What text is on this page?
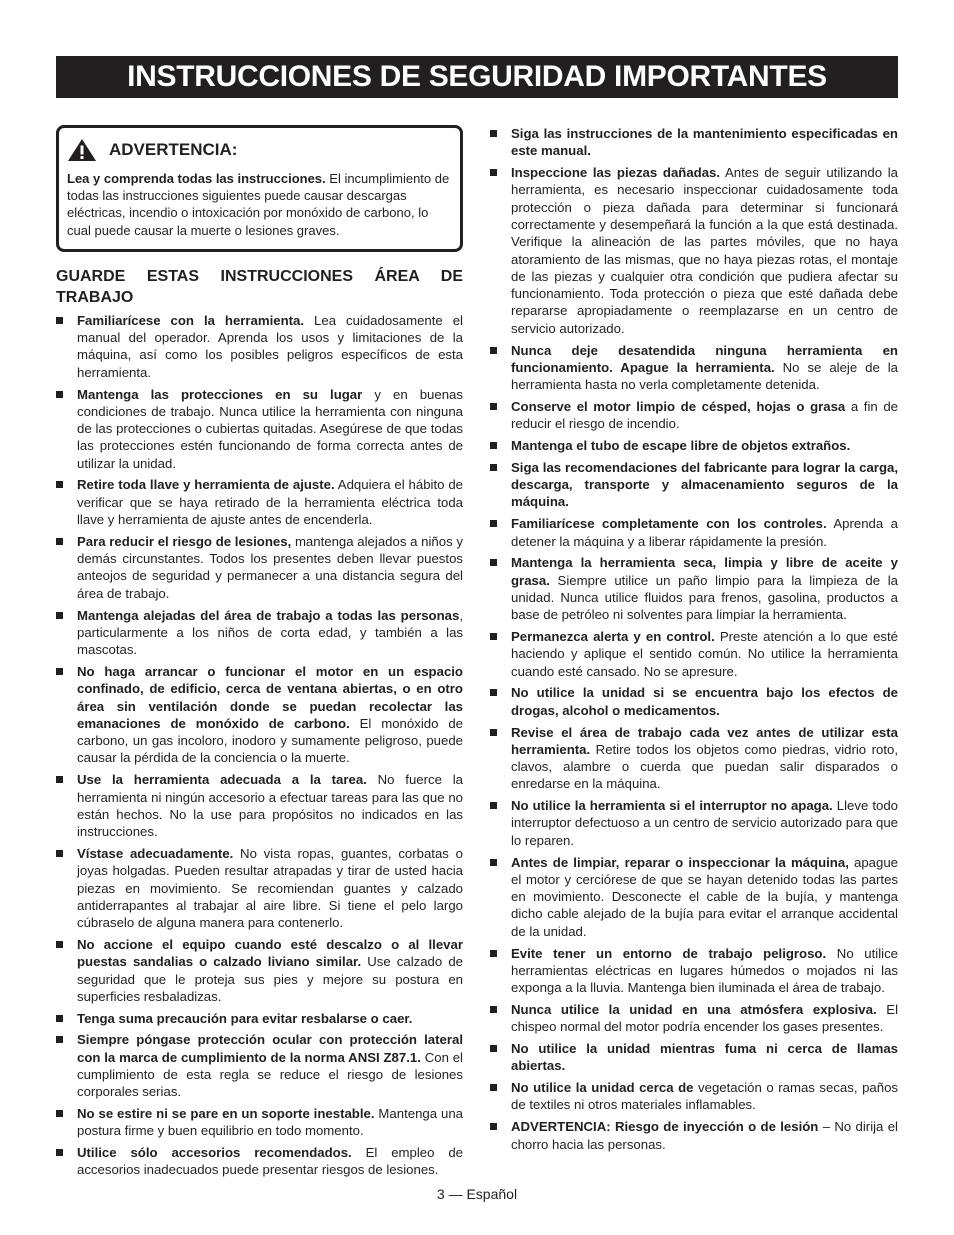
INSTRUCCIONES DE SEGURIDAD IMPORTANTES
ADVERTENCIA:
Lea y comprenda todas las instrucciones. El incumplimiento de todas las instrucciones siguientes puede causar descargas eléctricas, incendio o intoxicación por monóxido de carbono, lo cual puede causar la muerte o lesiones graves.
GUARDE ESTAS INSTRUCCIONES ÁREA DE TRABAJO
Familiarícese con la herramienta. Lea cuidadosamente el manual del operador. Aprenda los usos y limitaciones de la máquina, así como los posibles peligros específicos de esta herramienta.
Mantenga las protecciones en su lugar y en buenas condiciones de trabajo. Nunca utilice la herramienta con ninguna de las protecciones o cubiertas quitadas. Asegúrese de que todas las protecciones estén funcionando de forma correcta antes de utilizar la unidad.
Retire toda llave y herramienta de ajuste. Adquiera el hábito de verificar que se haya retirado de la herramienta eléctrica toda llave y herramienta de ajuste antes de encenderla.
Para reducir el riesgo de lesiones, mantenga alejados a niños y demás circunstantes. Todos los presentes deben llevar puestos anteojos de seguridad y permanecer a una distancia segura del área de trabajo.
Mantenga alejadas del área de trabajo a todas las personas, particularmente a los niños de corta edad, y también a las mascotas.
No haga arrancar o funcionar el motor en un espacio confinado, de edificio, cerca de ventana abiertas, o en otro área sin ventilación donde se puedan recolectar las emanaciones de monóxido de carbono. El monóxido de carbono, un gas incoloro, inodoro y sumamente peligroso, puede causar la pérdida de la conciencia o la muerte.
Use la herramienta adecuada a la tarea. No fuerce la herramienta ni ningún accesorio a efectuar tareas para las que no están hechos. No la use para propósitos no indicados en las instrucciones.
Vístase adecuadamente. No vista ropas, guantes, corbatas o joyas holgadas. Pueden resultar atrapadas y tirar de usted hacia piezas en movimiento. Se recomiendan guantes y calzado antiderrapantes al trabajar al aire libre. Si tiene el pelo largo cúbraselo de alguna manera para contenerlo.
No accione el equipo cuando esté descalzo o al llevar puestas sandalias o calzado liviano similar. Use calzado de seguridad que le proteja sus pies y mejore su postura en superficies resbaladizas.
Tenga suma precaución para evitar resbalarse o caer.
Siempre póngase protección ocular con protección lateral con la marca de cumplimiento de la norma ANSI Z87.1. Con el cumplimiento de esta regla se reduce el riesgo de lesiones corporales serias.
No se estire ni se pare en un soporte inestable. Mantenga una postura firme y buen equilibrio en todo momento.
Utilice sólo accesorios recomendados. El empleo de accesorios inadecuados puede presentar riesgos de lesiones.
Siga las instrucciones de la mantenimiento especificadas en este manual.
Inspeccione las piezas dañadas. Antes de seguir utilizando la herramienta, es necesario inspeccionar cuidadosamente toda protección o pieza dañada para determinar si funcionará correctamente y desempeñará la función a la que está destinada. Verifique la alineación de las partes móviles, que no haya atoramiento de las mismas, que no haya piezas rotas, el montaje de las piezas y cualquier otra condición que pudiera afectar su funcionamiento. Toda protección o pieza que esté dañada debe repararse apropiadamente o reemplazarse en un centro de servicio autorizado.
Nunca deje desatendida ninguna herramienta en funcionamiento. Apague la herramienta. No se aleje de la herramienta hasta no verla completamente detenida.
Conserve el motor limpio de césped, hojas o grasa a fin de reducir el riesgo de incendio.
Mantenga el tubo de escape libre de objetos extraños.
Siga las recomendaciones del fabricante para lograr la carga, descarga, transporte y almacenamiento seguros de la máquina.
Familiarícese completamente con los controles. Aprenda a detener la máquina y a liberar rápidamente la presión.
Mantenga la herramienta seca, limpia y libre de aceite y grasa. Siempre utilice un paño limpio para la limpieza de la unidad. Nunca utilice fluidos para frenos, gasolina, productos a base de petróleo ni solventes para limpiar la herramienta.
Permanezca alerta y en control. Preste atención a lo que esté haciendo y aplique el sentido común. No utilice la herramienta cuando esté cansado. No se apresure.
No utilice la unidad si se encuentra bajo los efectos de drogas, alcohol o medicamentos.
Revise el área de trabajo cada vez antes de utilizar esta herramienta. Retire todos los objetos como piedras, vidrio roto, clavos, alambre o cuerda que puedan salir disparados o enredarse en la máquina.
No utilice la herramienta si el interruptor no apaga. Lleve todo interruptor defectuoso a un centro de servicio autorizado para que lo reparen.
Antes de limpiar, reparar o inspeccionar la máquina, apague el motor y cerciórese de que se hayan detenido todas las partes en movimiento. Desconecte el cable de la bujía, y mantenga dicho cable alejado de la bujía para evitar el arranque accidental de la unidad.
Evite tener un entorno de trabajo peligroso. No utilice herramientas eléctricas en lugares húmedos o mojados ni las exponga a la lluvia. Mantenga bien iluminada el área de trabajo.
Nunca utilice la unidad en una atmósfera explosiva. El chispeo normal del motor podría encender los gases presentes.
No utilice la unidad mientras fuma ni cerca de llamas abiertas.
No utilice la unidad cerca de vegetación o ramas secas, paños de textiles ni otros materiales inflamables.
ADVERTENCIA: Riesgo de inyección o de lesión – No dirija el chorro hacia las personas.
3 — Español
